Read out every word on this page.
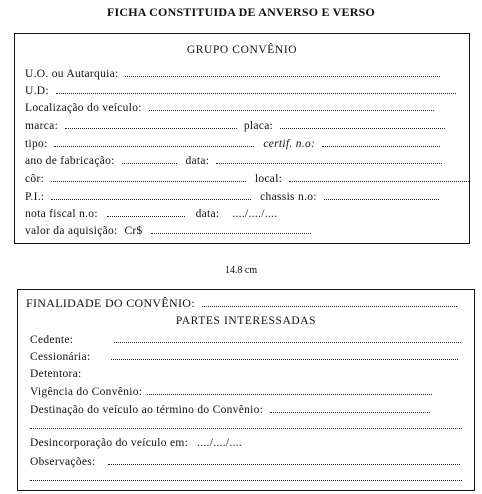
FICHA CONSTITUIDA DE ANVERSO E VERSO
GRUPO CONVÊNIO
U.O. ou Autarquia:
U.D:
Localização do veículo:
marca:	placa:
tipo:	certif. n.o:
ano de fabricação:	data:
côr:	local:
P.I.:	chassis n.o:
nota fiscal n.o:	data: ..../..../....
valor da aquisição: Cr$
14.8 cm
FINALIDADE DO CONVÊNIO:
PARTES INTERESSADAS
Cedente:
Cessionária:
Detentora:
Vigência do Convênio:
Destinação do veículo ao término do Convênio:
Desincorporação do veículo em: ..../..../....
Observações:
